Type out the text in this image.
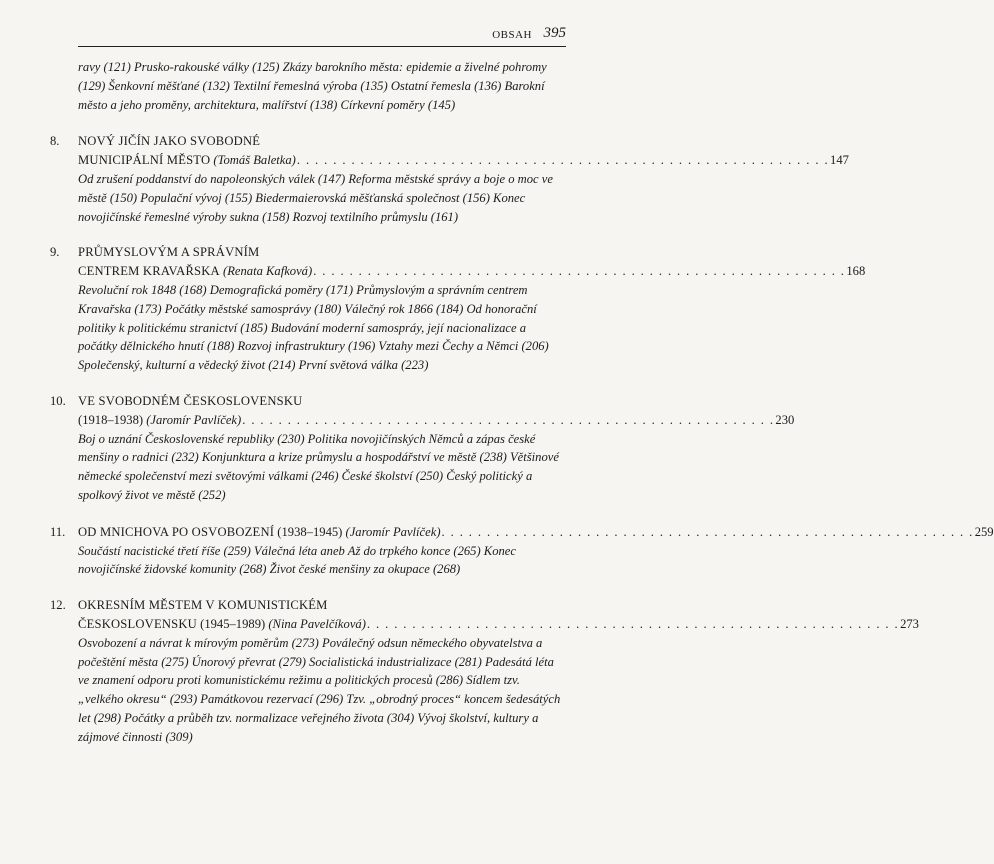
OBSAH 395
ravy (121) Prusko-rakouské války (125) Zkázy barokního města: epidemie a živelné pohromy (129) Šenkovní měšťané (132) Textilní řemeslná výroba (135) Ostatní řemesla (136) Barokní město a jeho proměny, architektura, malířství (138) Církevní poměry (145)
8.	NOVÝ JIČÍN JAKO SVOBODNÉ
MUNICIPÁLNÍ MĚSTO (Tomáš Baletka) . . . . . . . . . . . . . . . . . . . . . . . . . . . . . . . . . . . . . . . . . . . . . . . . . . . . . . . . . . . 147
Od zrušení poddanství do napoleonských válek (147) Reforma městské správy a boje o moc ve městě (150) Populační vývoj (155) Biedermaierovská měšťanská společnost (156) Konec novojičínské řemeslné výroby sukna (158) Rozvoj textilního průmyslu (161)
9.	PRŮMYSLOVÝM A SPRÁVNÍM
CENTREM KRAVAŘSKA (Renata Kafková) . . . . . . . . . . . . . . . . . . . . . . . . . . . . . . . . . . . . . . . . . . . . . . . . . . . . . . . . . . . 168
Revoluční rok 1848 (168) Demografická poměry (171) Průmyslovým a správním centrem Kravařska (173) Počátky městské samosprávy (180) Válečný rok 1866 (184) Od honorační politiky k politickému stranictví (185) Budování moderní samospráy, její nacionalizace a počátky dělnického hnutí (188) Rozvoj infrastruktury (196) Vztahy mezi Čechy a Němci (206) Společenský, kulturní a vědecký život (214) První světová válka (223)
10. VE SVOBODNÉM ČESKOSLOVENSKU
(1918–1938) (Jaromír Pavlíček) . . . . . . . . . . . . . . . . . . . . . . . . . . . . . . . . . . . . . . . . . . . . . . . . . . . . . . . . . . . 230
Boj o uznání Československé republiky (230) Politika novojičínských Němců a zápas české menšiny o radnici (232) Konjunktura a krize průmyslu a hospodářství ve městě (238) Většinové německé společenství mezi světovými válkami (246) České školství (250) Český politický a spolkový život ve městě (252)
11.	OD MNICHOVA PO OSVOBOZENÍ (1938–1945) (Jaromír Pavlíček) . . . . . . . . . . . . . . . . . . . . . . . . . . . . . . . . . . . . . . . . . . . . . . . . . . . . . . . . . . . 259
Součástí nacistické třetí říše (259) Válečná léta aneb Až do trpkého konce (265) Konec novojičínské židovské komunity (268) Život české menšiny za okupace (268)
12. OKRESNÍM MĚSTEM V KOMUNISTICKÉM
ČESKOSLOVENSKU (1945–1989) (Nina Pavelčíková) . . . . . . . . . . . . . . . . . . . . . . . . . . . . . . . . . . . . . . . . . . . . . . . . . . . . . . . . . . . 273
Osvobození a návrat k mírovým poměrům (273) Poválečný odsun německého obyvatelstva a počeštění města (275) Únorový převrat (279) Socialistická industrializace (281) Padesátá léta ve znamení odporu proti komunistickému režimu a politických procesů (286) Sídlem tzv. „velkého okresu“ (293) Památkovou rezervací (296) Tzv. „obrodný proces“ koncem šedesátých let (298) Počátky a průběh tzv. normalizace veřejného života (304) Vývoj školství, kultury a zájmové činnosti (309)
